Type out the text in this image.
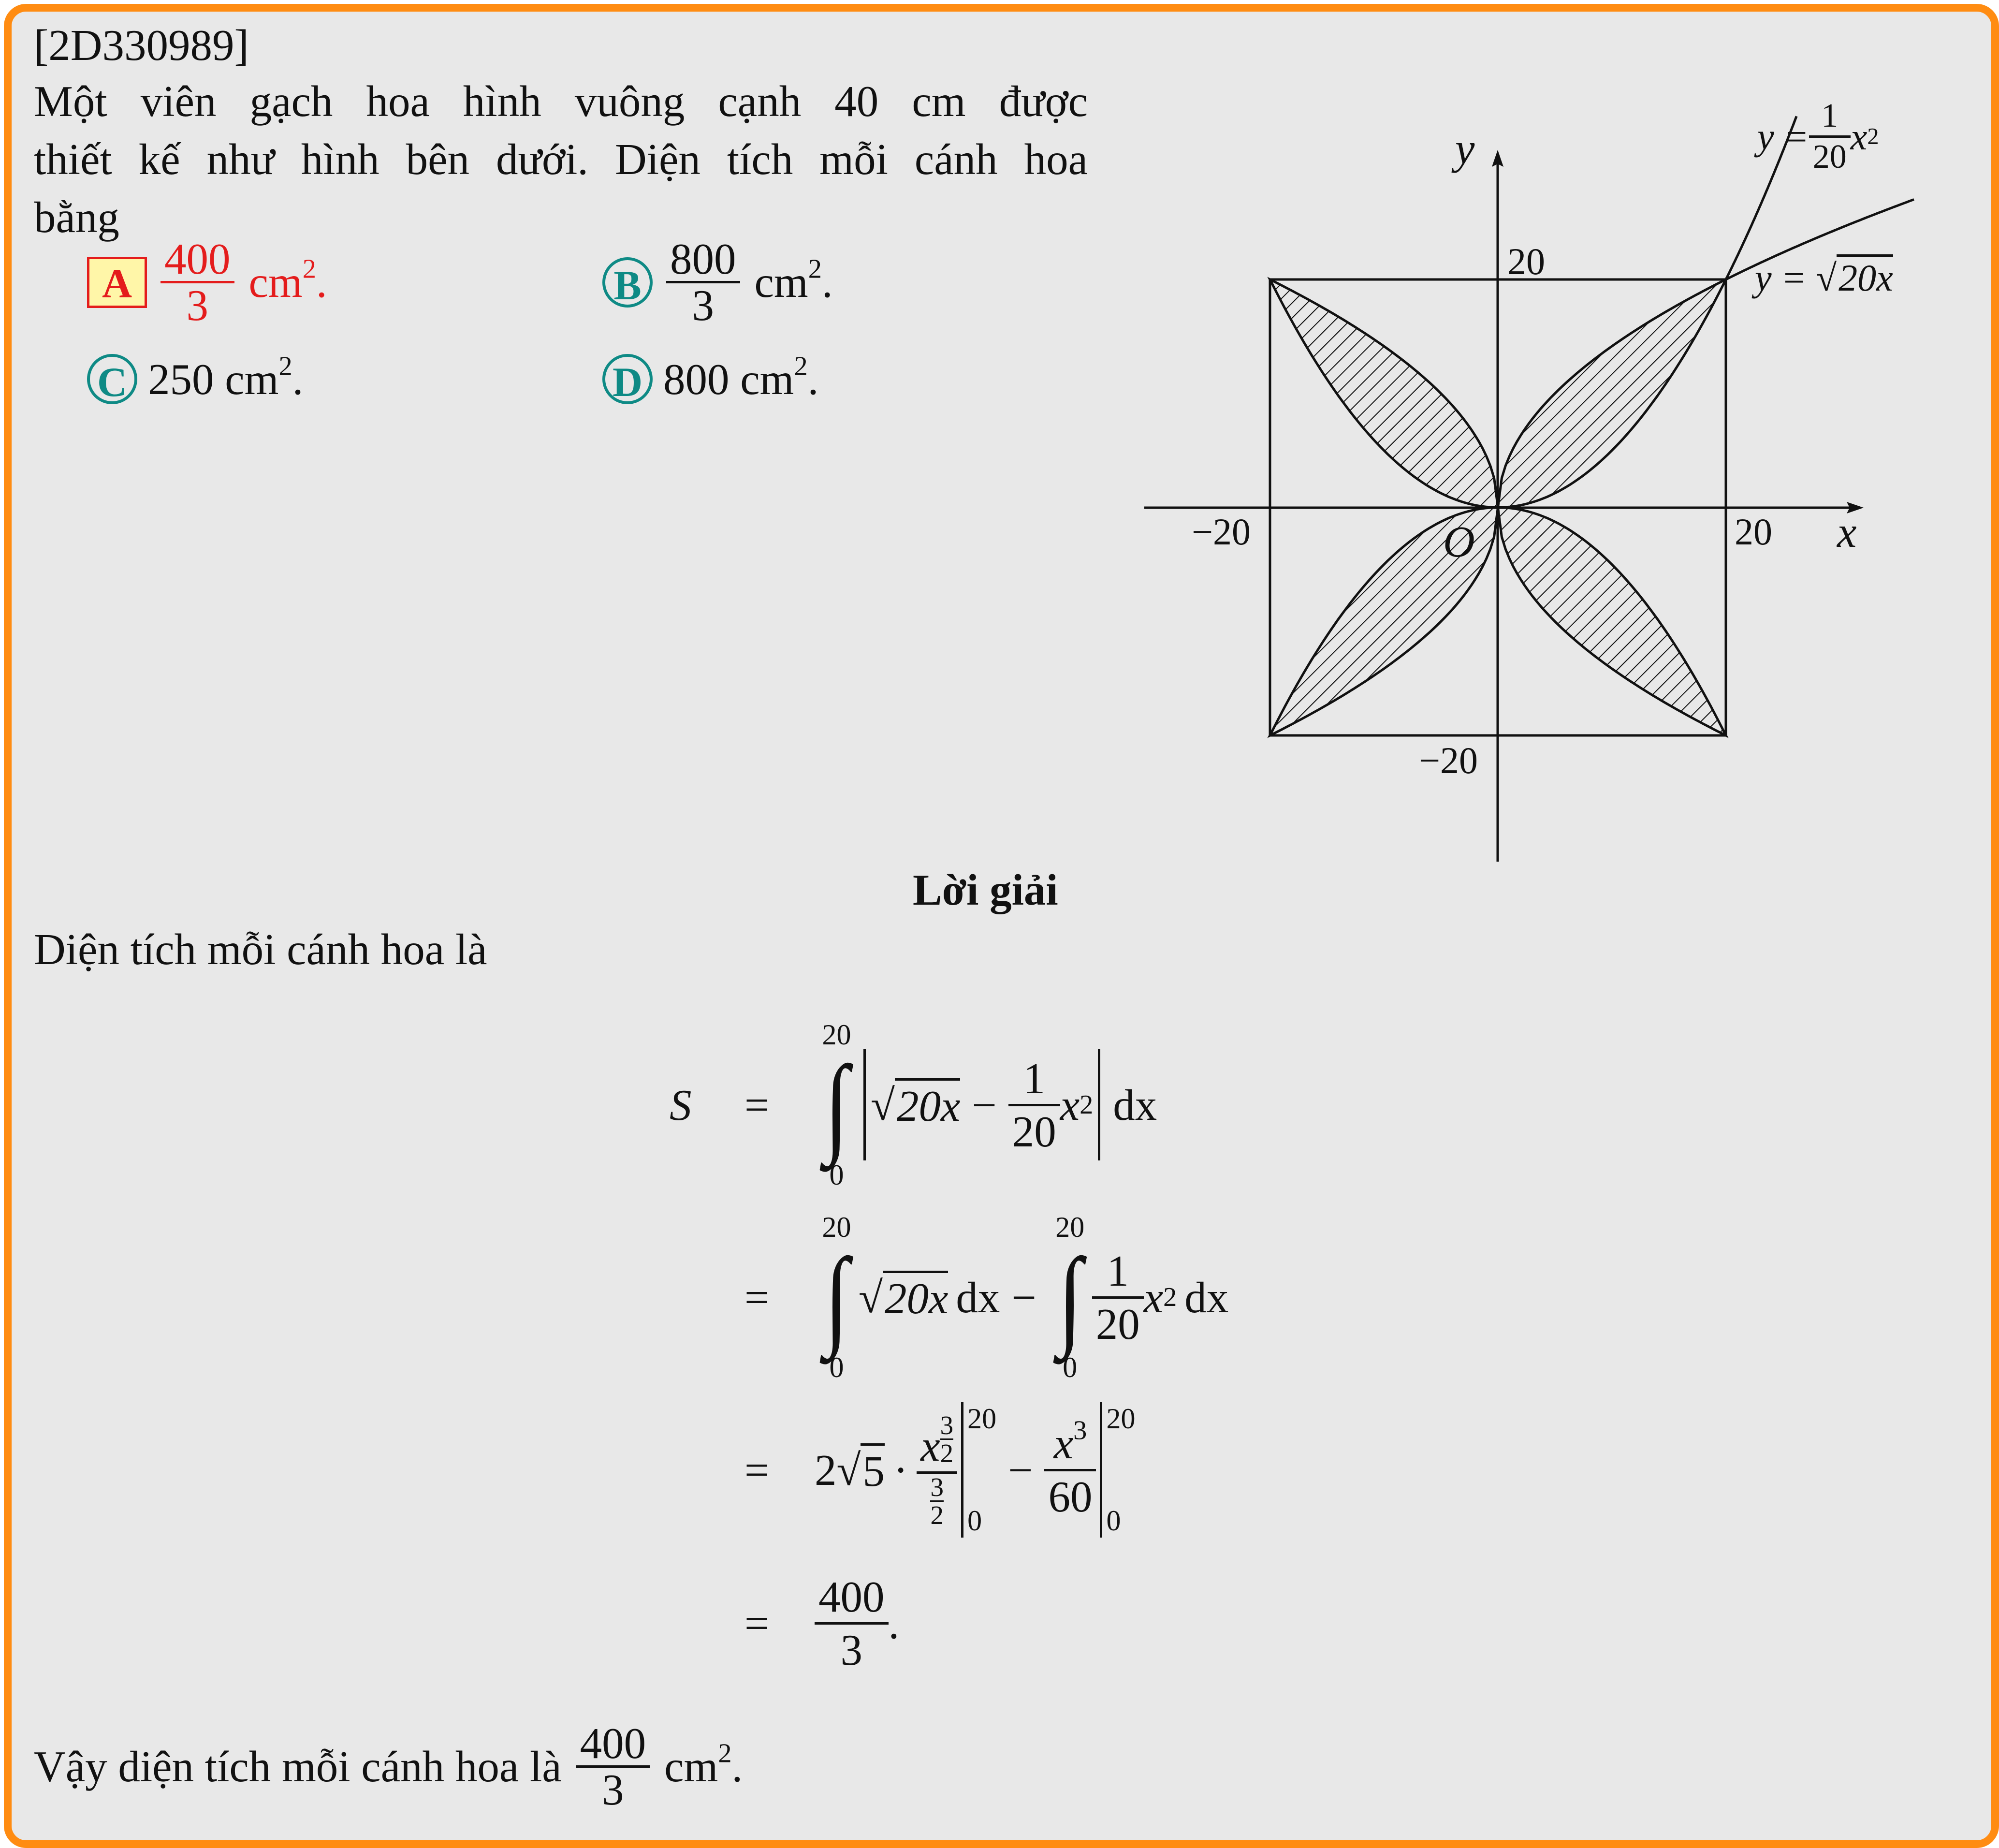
[2D330989]
Một viên gạch hoa hình vuông cạnh 40 cm được
thiết kế như hình bên dưới. Diện tích mỗi cánh hoa
bằng
A $\frac{400}{3} cm^2$.	B $\frac{800}{3} cm^2$.
C 250 $cm^2$.	D 800 $cm^2$.
x
y
O	20
−20
20
−20
$y = \frac{1}{20}$ x 2
y = √20x
Lời giải
Diện tích mỗi cánh hoa là
S	=
20
∫
0
√ $20x - \frac{1}{20}$ x 2 dx
=
20
∫
0
√ 20x dx −
20
∫
0
$\frac{1}{20}$ x 2 dx
=	2√ $5 \cdot \frac{x \frac{3}{2}}{\frac{3}{2}} 20$
0
− $\frac{x^3}{60} 20$
0
=	$\frac{400}{3}$ .
Vậy diện tích mỗi cánh hoa là $\frac{400}{3} cm^2$.
